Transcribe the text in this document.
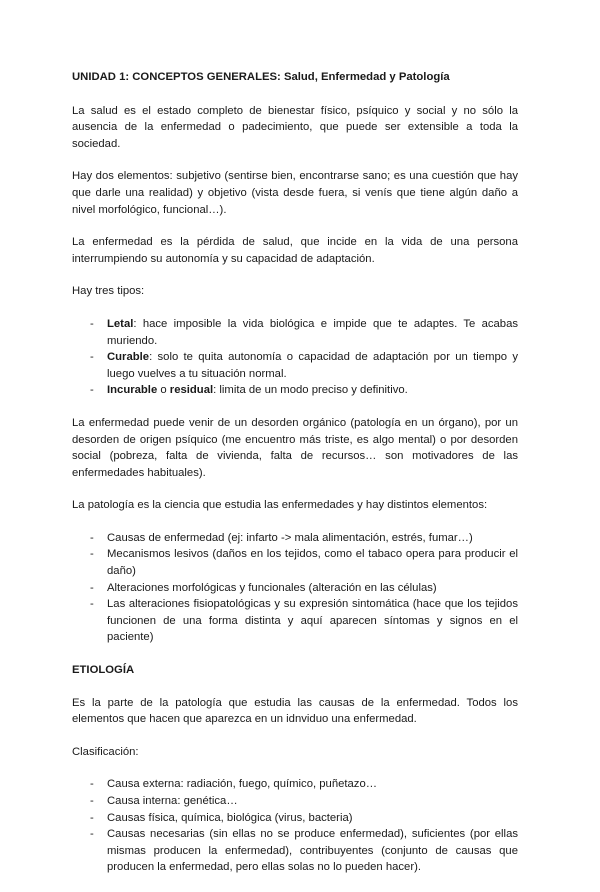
UNIDAD 1: CONCEPTOS GENERALES: Salud, Enfermedad y Patología

La salud es el estado completo de bienestar físico, psíquico y social y no sólo la ausencia de la enfermedad o padecimiento, que puede ser extensible a toda la sociedad.

Hay dos elementos: subjetivo (sentirse bien, encontrarse sano; es una cuestión que hay que darle una realidad) y objetivo (vista desde fuera, si venís que tiene algún daño a nivel morfológico, funcional…).

La enfermedad es la pérdida de salud, que incide en la vida de una persona interrumpiendo su autonomía y su capacidad de adaptación.

Hay tres tipos:

- Letal: hace imposible la vida biológica e impide que te adaptes. Te acabas muriendo.
- Curable: solo te quita autonomía o capacidad de adaptación por un tiempo y luego vuelves a tu situación normal.
- Incurable o residual: limita de un modo preciso y definitivo.

La enfermedad puede venir de un desorden orgánico (patología en un órgano), por un desorden de origen psíquico (me encuentro más triste, es algo mental) o por desorden social (pobreza, falta de vivienda, falta de recursos… son motivadores de las enfermedades habituales).

La patología es la ciencia que estudia las enfermedades y hay distintos elementos:

- Causas de enfermedad (ej: infarto -> mala alimentación, estrés, fumar…)
- Mecanismos lesivos (daños en los tejidos, como el tabaco opera para producir el daño)
- Alteraciones morfológicas y funcionales (alteración en las células)
- Las alteraciones fisiopatológicas y su expresión sintomática (hace que los tejidos funcionen de una forma distinta y aquí aparecen síntomas y signos en el paciente)

ETIOLOGÍA

Es la parte de la patología que estudia las causas de la enfermedad. Todos los elementos que hacen que aparezca en un idnviduo una enfermedad.

Clasificación:

- Causa externa: radiación, fuego, químico, puñetazo…
- Causa interna: genética…
- Causas física, química, biológica (virus, bacteria)
- Causas necesarias (sin ellas no se produce enfermedad), suficientes (por ellas mismas producen la enfermedad), contribuyentes (conjunto de causas que producen la enfermedad, pero ellas solas no lo pueden hacer).
